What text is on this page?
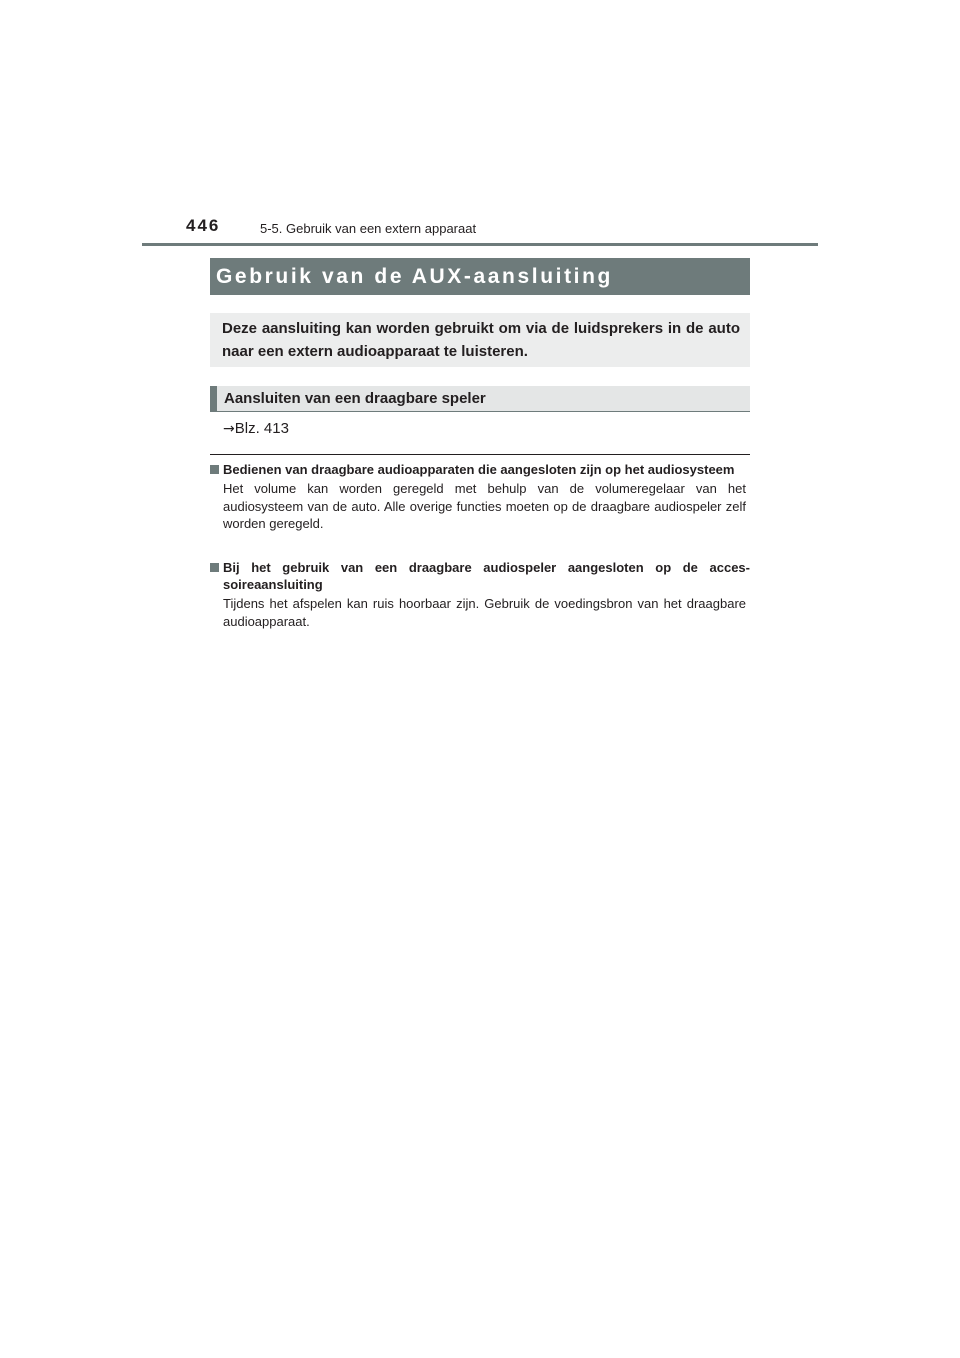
446	5-5. Gebruik van een extern apparaat
Gebruik van de AUX-aansluiting
Deze aansluiting kan worden gebruikt om via de luidsprekers in de auto naar een extern audioapparaat te luisteren.
Aansluiten van een draagbare speler
→Blz. 413
Bedienen van draagbare audioapparaten die aangesloten zijn op het audiosysteem
Het volume kan worden geregeld met behulp van de volumeregelaar van het audiosysteem van de auto. Alle overige functies moeten op de draagbare audiospeler zelf worden geregeld.
Bij het gebruik van een draagbare audiospeler aangesloten op de accessoireaansluiting
Tijdens het afspelen kan ruis hoorbaar zijn. Gebruik de voedingsbron van het draagbare audioapparaat.
